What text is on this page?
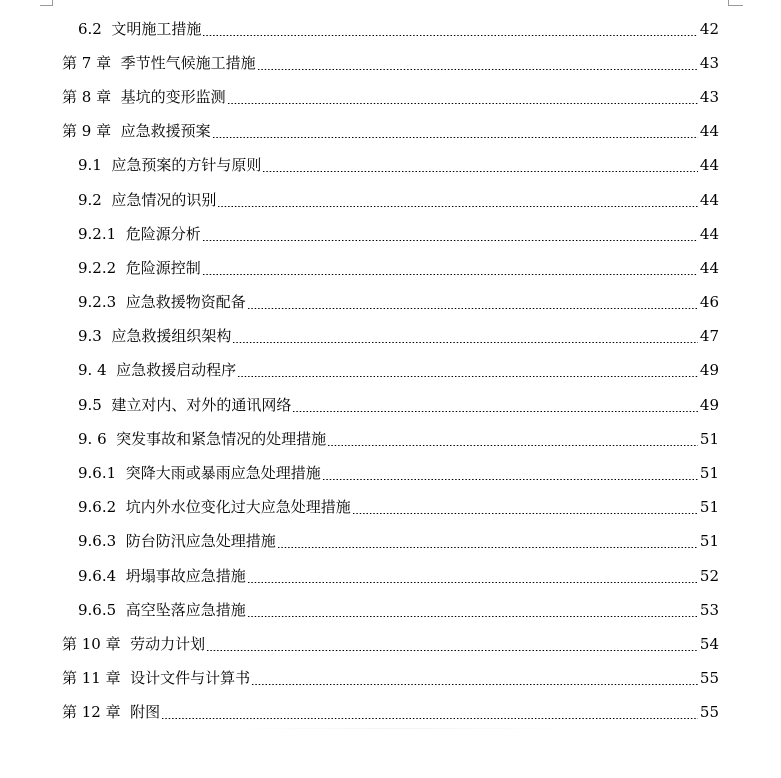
6.2  文明施工措施	42
第 7 章  季节性气候施工措施	43
第 8 章  基坑的变形监测	43
第 9 章  应急救援预案	44
9.1  应急预案的方针与原则	44
9.2  应急情况的识别	44
9.2.1  危险源分析	44
9.2.2  危险源控制	44
9.2.3  应急救援物资配备	46
9.3  应急救援组织架构	47
9. 4  应急救援启动程序	49
9.5  建立对内、对外的通讯网络	49
9. 6  突发事故和紧急情况的处理措施	51
9.6.1  突降大雨或暴雨应急处理措施	51
9.6.2  坑内外水位变化过大应急处理措施	51
9.6.3  防台防汛应急处理措施	51
9.6.4  坍塌事故应急措施	52
9.6.5  高空坠落应急措施	53
第 10 章  劳动力计划	54
第 11 章  设计文件与计算书	55
第 12 章  附图	55
